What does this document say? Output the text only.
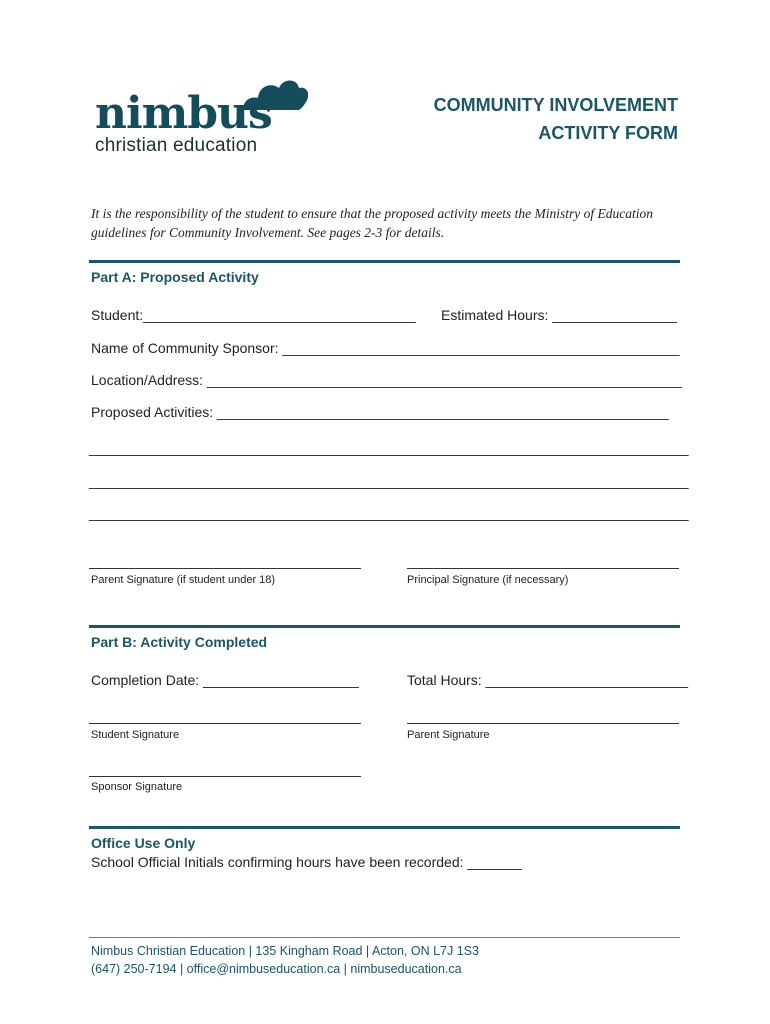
nimbus
christian education
COMMUNITY INVOLVEMENT
ACTIVITY FORM
It is the responsibility of the student to ensure that the proposed activity meets the Ministry of Education
guidelines for Community Involvement. See pages 2-3 for details.
Part A: Proposed Activity
Student:___________________________________ Estimated Hours: ________________
Name of Community Sponsor: ___________________________________________________
Location/Address: _____________________________________________________________
Proposed Activities: __________________________________________________________
_____________________________________________________________________________
_____________________________________________________________________________
_____________________________________________________________________________
Parent Signature (if student under 18)	Principal Signature (if necessary)
Part B: Activity Completed
Completion Date: ____________________	Total Hours: __________________________
Student Signature	Parent Signature
Sponsor Signature
Office Use Only
School Official Initials confirming hours have been recorded: _______
Nimbus Christian Education | 135 Kingham Road | Acton, ON L7J 1S3
(647) 250-7194 | office@nimbuseducation.ca | nimbuseducation.ca
